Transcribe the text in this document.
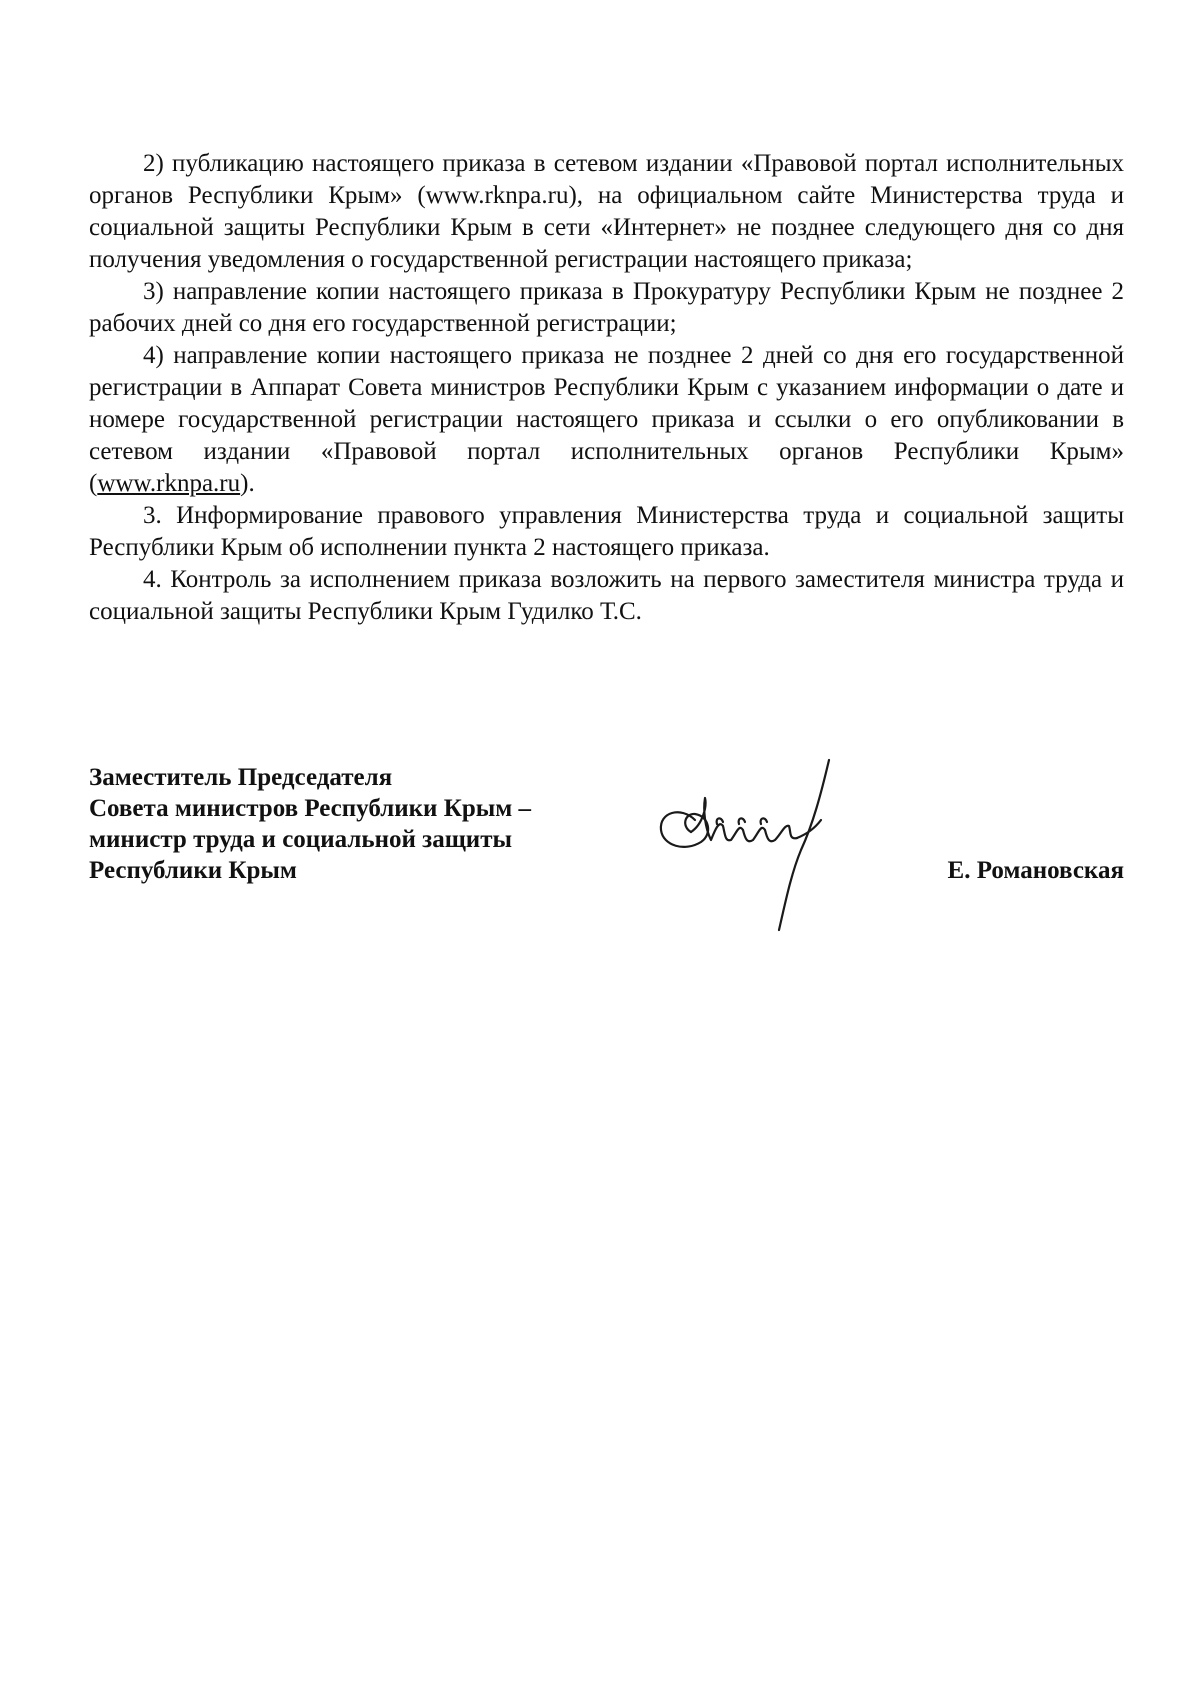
2) публикацию настоящего приказа в сетевом издании «Правовой портал исполнительных органов Республики Крым» (www.rknpa.ru), на официальном сайте Министерства труда и социальной защиты Республики Крым в сети «Интернет» не позднее следующего дня со дня получения уведомления о государственной регистрации настоящего приказа;

3) направление копии настоящего приказа в Прокуратуру Республики Крым не позднее 2 рабочих дней со дня его государственной регистрации;

4) направление копии настоящего приказа не позднее 2 дней со дня его государственной регистрации в Аппарат Совета министров Республики Крым с указанием информации о дате и номере государственной регистрации настоящего приказа и ссылки о его опубликовании в сетевом издании «Правовой портал исполнительных органов Республики Крым» (www.rknpa.ru).

3. Информирование правового управления Министерства труда и социальной защиты Республики Крым об исполнении пункта 2 настоящего приказа.

4. Контроль за исполнением приказа возложить на первого заместителя министра труда и социальной защиты Республики Крым Гудилко Т.С.

Заместитель Председателя
Совета министров Республики Крым –
министр труда и социальной защиты
Республики Крым	Е. Романовская
